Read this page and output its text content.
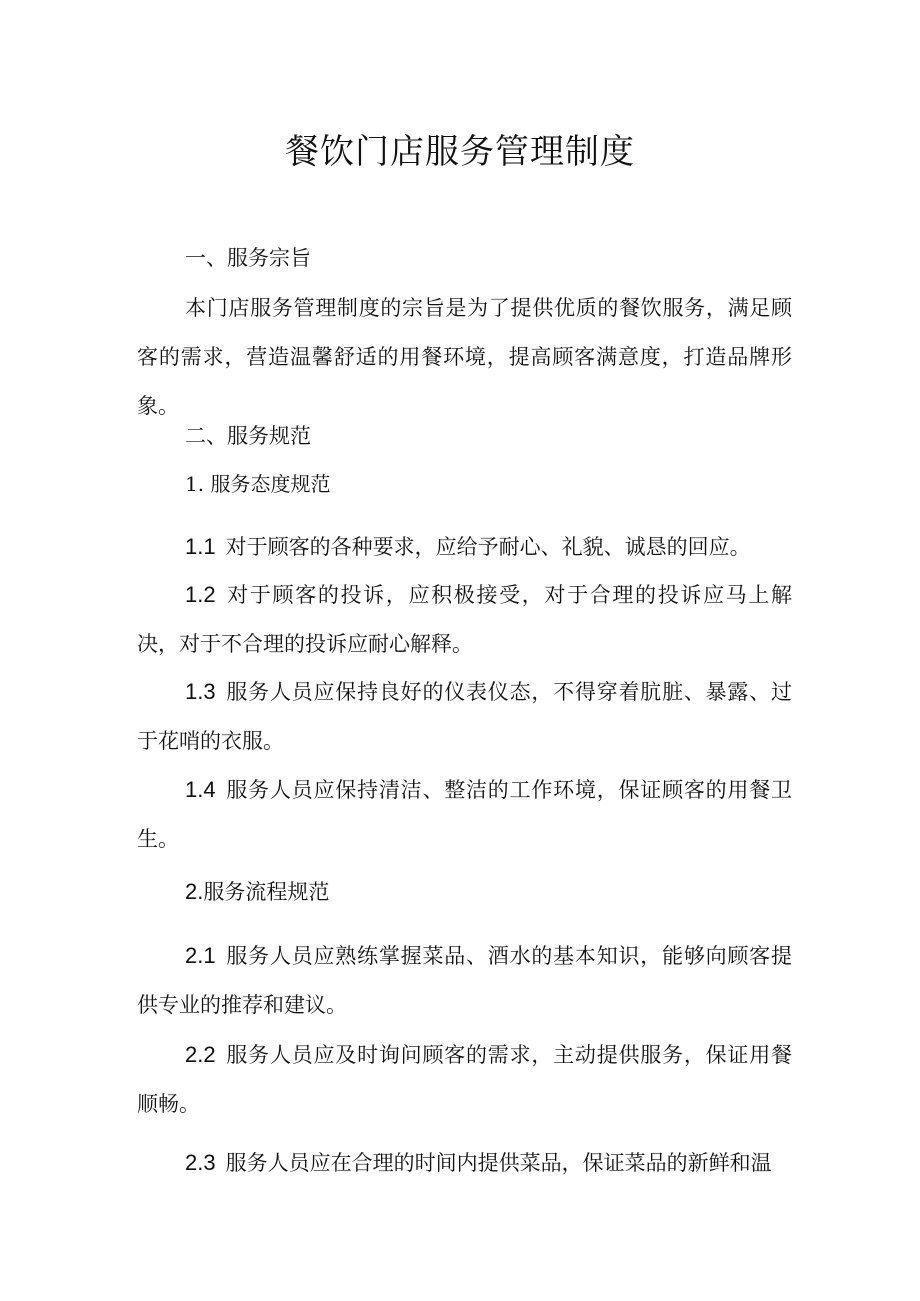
餐饮门店服务管理制度

一、服务宗旨

本门店服务管理制度的宗旨是为了提供优质的餐饮服务，满足顾客的需求，营造温馨舒适的用餐环境，提高顾客满意度，打造品牌形象。

二、服务规范

1. 服务态度规范

1.1 对于顾客的各种要求，应给予耐心、礼貌、诚恳的回应。

1.2 对于顾客的投诉，应积极接受，对于合理的投诉应马上解决，对于不合理的投诉应耐心解释。

1.3 服务人员应保持良好的仪表仪态，不得穿着肮脏、暴露、过于花哨的衣服。

1.4 服务人员应保持清洁、整洁的工作环境，保证顾客的用餐卫生。

2.服务流程规范

2.1 服务人员应熟练掌握菜品、酒水的基本知识，能够向顾客提供专业的推荐和建议。

2.2 服务人员应及时询问顾客的需求，主动提供服务，保证用餐顺畅。

2.3 服务人员应在合理的时间内提供菜品，保证菜品的新鲜和温
